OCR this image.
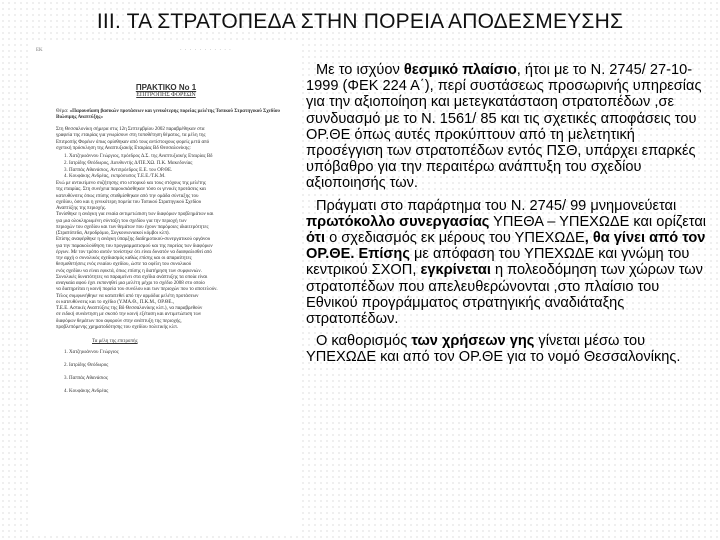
ΙΙΙ. ΤΑ ΣΤΡΑΤΟΠΕΔΑ ΣΤΗΝ ΠΟΡΕΙΑ ΑΠΟΔΕΣΜΕΥΣΗΣ
ΕΚ	· · · · · · · · · · ·
ΠΡΑΚΤΙΚΟ Νο 1
ΕΠΙΤΡΟΠΗΣ ΦΟΡΕΩΝ
Θέμα: «Παρουσίαση βασικών προτάσεων και γενικότερης πορείας μελέτης Τοπικού Στρατηγικού Σχεδίου Βιώσιμης Αναπτύξης»
Στη Θεσσαλονίκη σήμερα στις 12η Σεπτεμβρίου 2002 παραβρέθηκαν στα
γραφεία της εταιρίας για γνωρίσουν στη τοποθέτηση θέματος, τα μέλη της
Επιτροπής Φορέων όπως ορίσθηκαν από τους αντίστοιχους φορείς μετά από
σχετική πρόσκληση της Αναπτυξιακής Εταιρίας Βδ Θεσσαλονίκης:
1. Χατζηιωάννου Γεώργιος, πρόεδρος Δ.Σ. της Αναπτυξιακής Εταιρίας Βδ
2. Ιατρίδης Θεόδωρος, Διευθυντής Δ/ΠΕ.ΧΩ. Π.Κ. Μακεδονίας
3. Παππάς Αθανάσιος, Αντιπρόεδρος Ε.Ε. του ΟΡ.ΘΕ.
4. Κουφάκης Ανδρέας, εκπρόσωπος Τ.Ε.Ε./Τ.Κ.Μ.
Ενώ με αντικείμενο συζήτησης στο ιστορικό και τους στόχους της μελέτης
της εταιρίας. Στη συνέχεια παρουσιάσθηκαν τόσο οι γενικές προτάσεις και
κατευθύνσεις όπως επίσης σταθμίσθηκαν από την ομάδα σύνταξης του
σχεδίου, όσο και η γενικότερη πορεία του Τοπικού Στρατηγικού Σχεδίου
Αναπτύξης της περιοχής.
Τονίσθηκε η ανάγκη για ενιαία αντιμετώπιση των διαφόρων προβλημάτων και
για μια ολοκληρωμένη σύνταξη του σχεδίου για την περιοχή των
περιοχών του σχεδίου και των θεμάτων που έχουν παρόμοιες ιδιαιτερότητες
(Στρατόπεδα, Αεροδρόμιο, Συγκοινωνιακοί κόμβοι κλπ).
Επίσης αναφέρθηκε η ανάγκη ύπαρξης διαδημοτικού-συνεργατικού οργάνου
για την παρακολούθηση του προγραμματισμού και της πορείας των διαφόρων
έργων. Με τον τρόπο αυτόν τονίστηκε ότι είναι δυνατόν να διασφαλισθεί από
την αρχή ο συνολικός σχεδιασμός καθώς επίσης και οι απαραίτητες
θεσμοθετήσεις ενός ενιαίου σχεδίου, ώστε τα οφέλη του συνολικού
ενός σχεδίου να είναι εφικτά, όπως επίσης η διατήρηση των συμφωνιών.
Συνολικές δυνατότητες να παραμείνει στα σχέδια ανάπτυξης τα οποία είναι
αναγκαία αφού έχει εκπονηθεί μια μελέτη μέχρι το σχέδιο 2008 στο οποίο
να διατηρείται η κοινή πορεία του συνόλου και των περιοχών που το αποτελούν.
Τέλος συμφωνήθηκε να κατατεθεί από την αρμόδια μελέτη προτάσεων
οι κατευθύνσεις και το σχέδιο (Υ.ΜΑ.Θ., Π.Κ.Μ., ΟΡ.ΘΕ.,
Τ.Ε.Ε. Αστικές Αναπτύξεις της Βδ Θεσσαλονίκης κλπ.), να παραβρεθούν
σε ειδική συνάντηση με σκοπό την κοινή εξέταση και αντιμετώπιση των
διαφόρων θεμάτων που αφορούν στην ανάπτυξη της περιοχής,
προβλεπόμενης χρηματοδότησης του σχεδίου πολιτικής κλπ.
Τα μέλη της επιτροπής
1. Χατζηιωάννου Γεώργιος
2. Ιατρίδης Θεόδωρος
3. Παππάς Αθανάσιος
4. Κουφάκης Ανδρέας
Με το ισχύον θεσμικό πλαίσιο, ήτοι με το Ν. 2745/ 27-10-1999 (ΦΕΚ 224 Α΄), περί συστάσεως προσωρινής υπηρεσίας για την αξιοποίηση και μετεγκατάσταση στρατοπέδων ,σε συνδυασμό με το Ν. 1561/ 85 και τις σχετικές αποφάσεις του ΟΡ.ΘΕ όπως αυτές προκύπτουν από τη μελετητική προσέγγιση των στρατοπέδων εντός ΠΣΘ, υπάρχει επαρκές υπόβαθρο για την περαιτέρω ανάπτυξη του σχεδίου αξιοποιησής των.
Πράγματι στο παράρτημα του Ν. 2745/ 99 μνημονεύεται πρωτόκολλο συνεργασίας ΥΠΕΘΑ – ΥΠΕΧΩΔΕ και ορίζεται ότι ο σχεδιασμός εκ μέρους του ΥΠΕΧΩΔΕ, θα γίνει από τον ΟΡ.ΘΕ. Επίσης με απόφαση του ΥΠΕΧΩΔΕ και γνώμη του κεντρικού ΣΧΟΠ, εγκρίνεται η πολεοδόμηση των χώρων των στρατοπέδων που απελευθερώνονται ,στο πλαίσιο του Εθνικού προγράμματος στρατηγικής αναδιάταξης στρατοπέδων.
Ο καθορισμός των χρήσεων γης γίνεται μέσω του ΥΠΕΧΩΔΕ και από τον ΟΡ.ΘΕ για το νομό Θεσσαλονίκης.
